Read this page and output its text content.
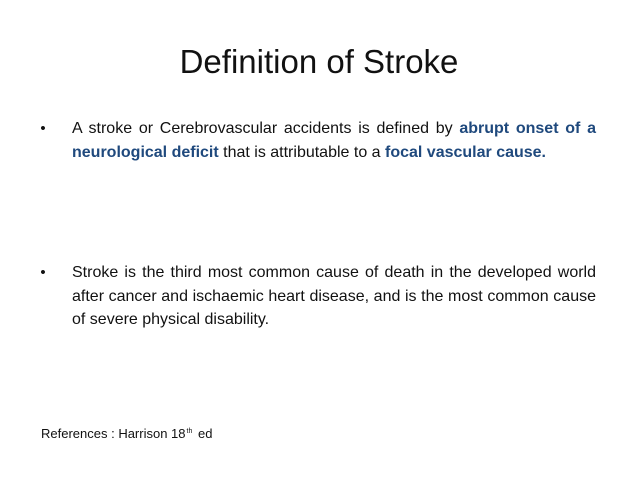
Definition of Stroke
• A stroke or Cerebrovascular accidents is defined by abrupt onset of a neurological deficit that is attributable to a focal vascular cause.
• Stroke is the third most common cause of death in the developed world after cancer and ischaemic heart disease, and is the most common cause of severe physical disability.
References : Harrison 18th ed
